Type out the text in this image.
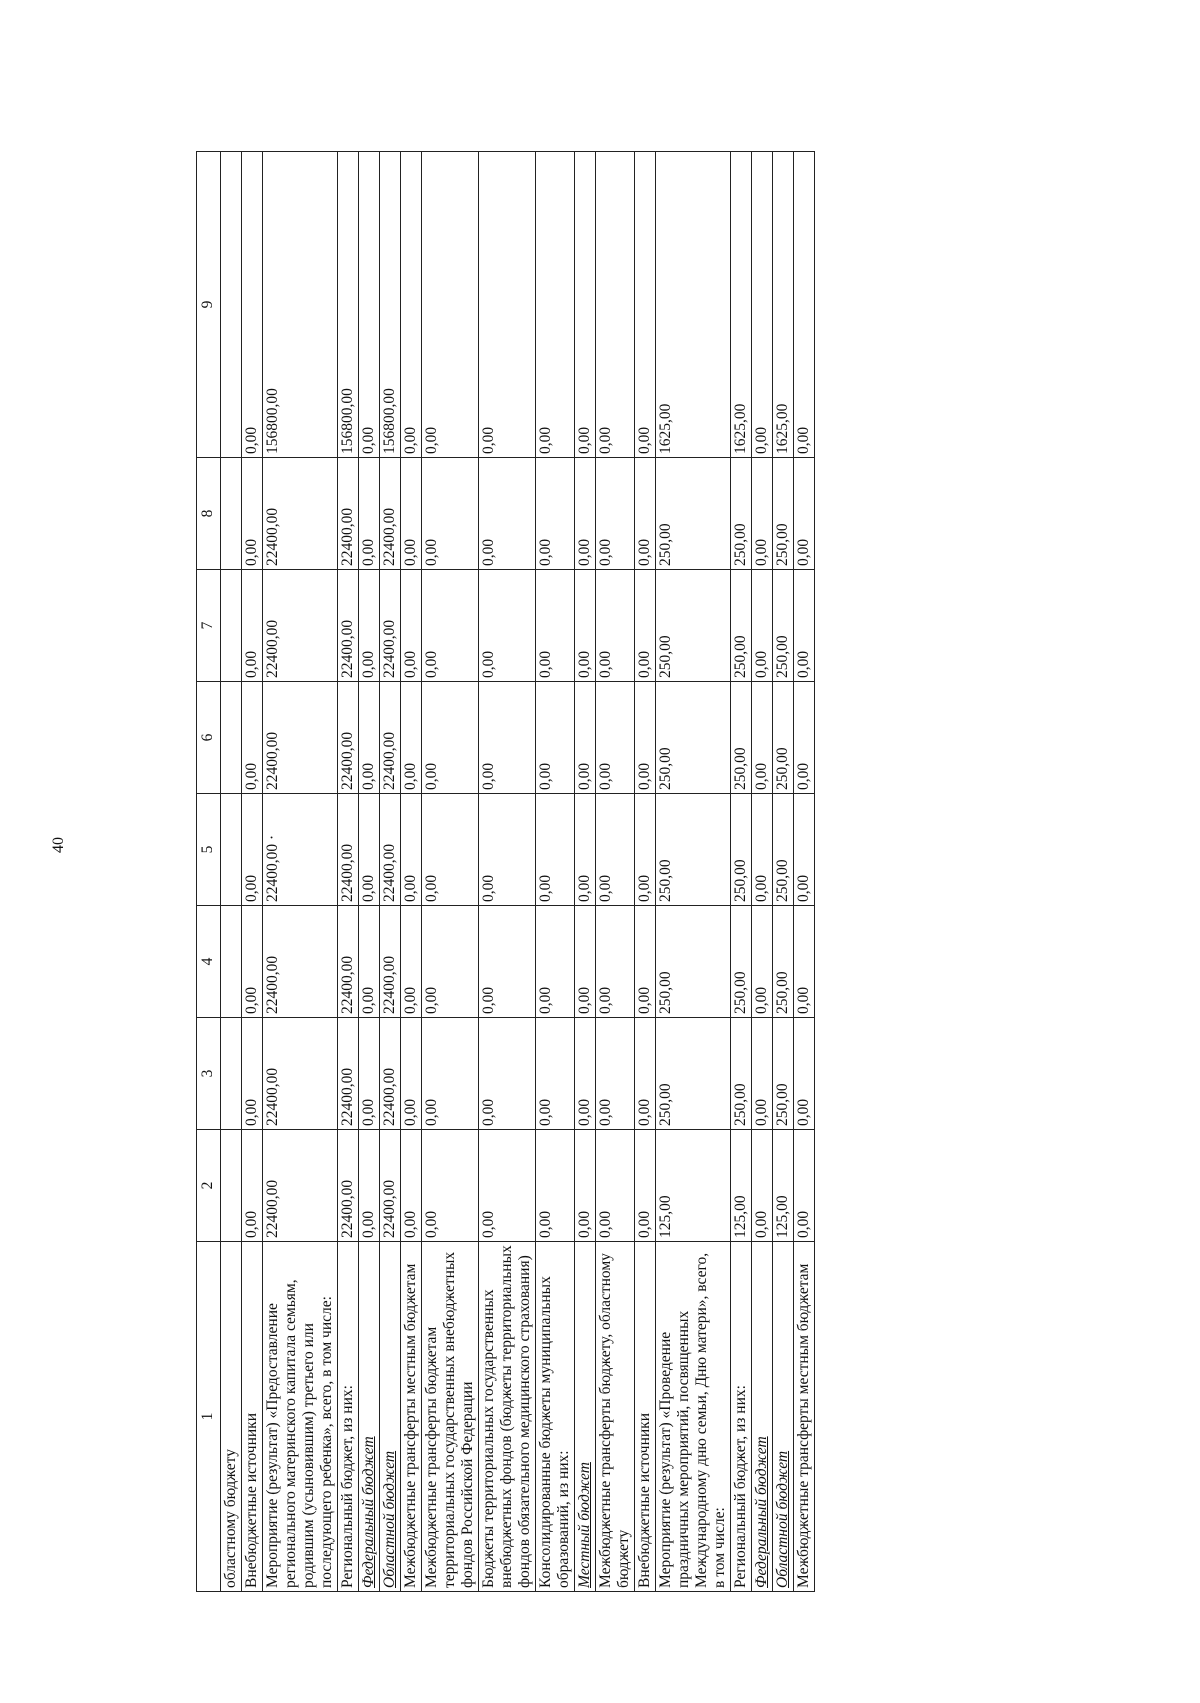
40
1	2	3	4	5	6	7	8	9
областному бюджету								
Внебюджетные источники	0,00	0,00	0,00	0,00	0,00	0,00	0,00	0,00
Мероприятие (результат) «Предоставление регионального материнского капитала семьям, родившим (усыновившим) третьего или последующего ребенка», всего, в том числе:	22400,00	22400,00	22400,00	22400,00 ·	22400,00	22400,00	22400,00	156800,00
Региональный бюджет, из них:	22400,00	22400,00	22400,00	22400,00	22400,00	22400,00	22400,00	156800,00
Федеральный бюджет	0,00	0,00	0,00	0,00	0,00	0,00	0,00	0,00
Областной бюджет	22400,00	22400,00	22400,00	22400,00	22400,00	22400,00	22400,00	156800,00
Межбюджетные трансферты местным бюджетам	0,00	0,00	0,00	0,00	0,00	0,00	0,00	0,00
Межбюджетные трансферты бюджетам территориальных государственных внебюджетных фондов Российской Федерации	0,00	0,00	0,00	0,00	0,00	0,00	0,00	0,00
Бюджеты территориальных государственных внебюджетных фондов (бюджеты территориальных фондов обязательного медицинского страхования)	0,00	0,00	0,00	0,00	0,00	0,00	0,00	0,00
Консолидированные бюджеты муниципальных образований, из них:	0,00	0,00	0,00	0,00	0,00	0,00	0,00	0,00
Местный бюджет	0,00	0,00	0,00	0,00	0,00	0,00	0,00	0,00
Межбюджетные трансферты бюджету, областному бюджету	0,00	0,00	0,00	0,00	0,00	0,00	0,00	0,00
Внебюджетные источники	0,00	0,00	0,00	0,00	0,00	0,00	0,00	0,00
Мероприятие (результат) «Проведение праздничных мероприятий, посвященных Международному дню семьи, Дню матери», всего, в том числе:	125,00	250,00	250,00	250,00	250,00	250,00	250,00	1625,00
Региональный бюджет, из них:	125,00	250,00	250,00	250,00	250,00	250,00	250,00	1625,00
Федеральный бюджет	0,00	0,00	0,00	0,00	0,00	0,00	0,00	0,00
Областной бюджет	125,00	250,00	250,00	250,00	250,00	250,00	250,00	1625,00
Межбюджетные трансферты местным бюджетам	0,00	0,00	0,00	0,00	0,00	0,00	0,00	0,00
